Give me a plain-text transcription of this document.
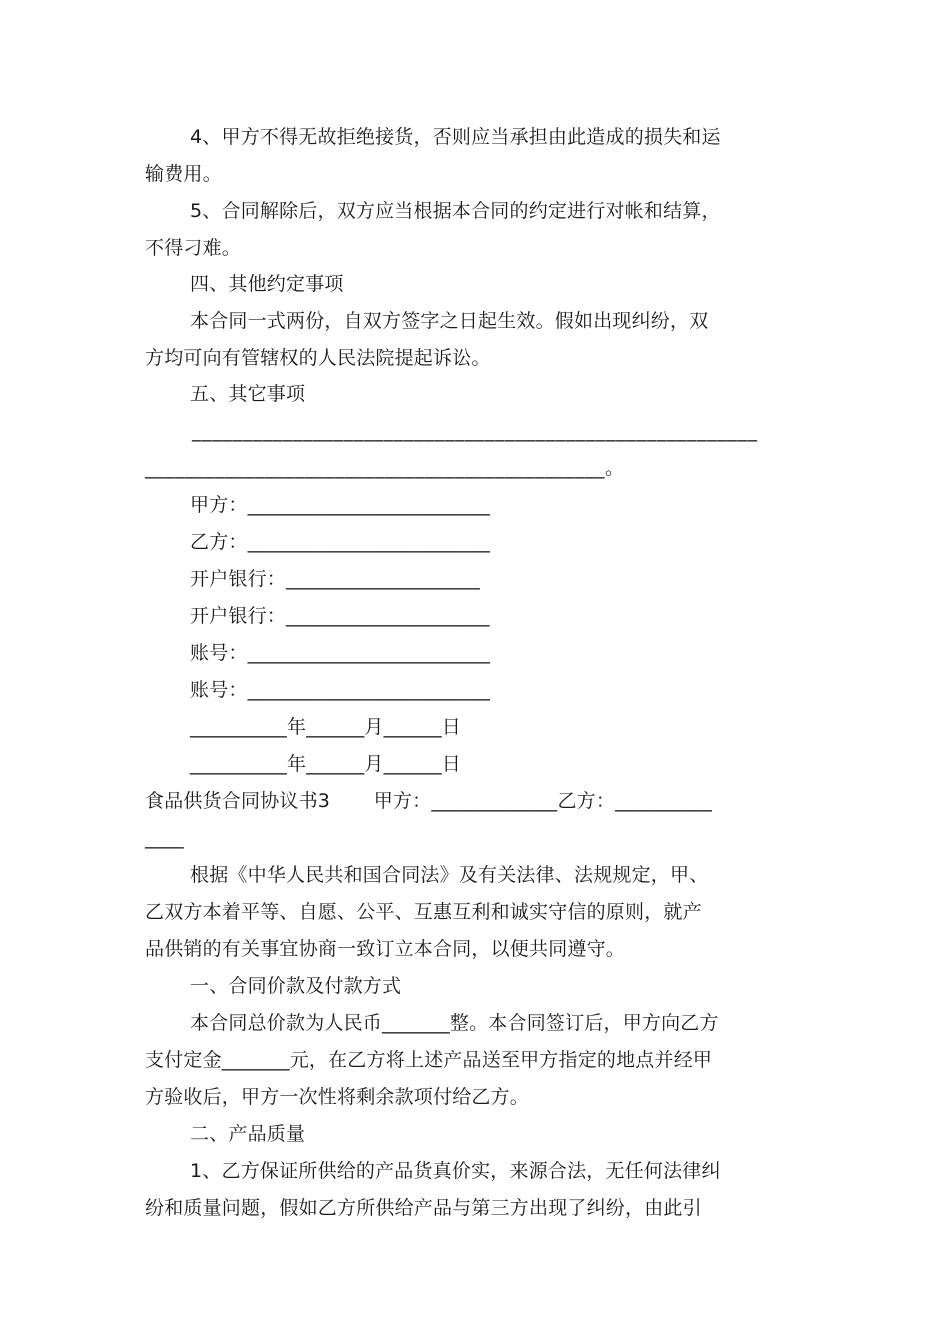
4、甲方不得无故拒绝接货，否则应当承担由此造成的损失和运
输费用。
5、合同解除后，双方应当根据本合同的约定进行对帐和结算，
不得刁难。
四、其他约定事项
本合同一式两份，自双方签字之日起生效。假如出现纠纷，双
方均可向有管辖权的人民法院提起诉讼。
五、其它事项
________________________________________________________
______________________________________________。
甲方：_________________________
乙方：_________________________
开户银行：____________________
开户银行：_____________________
账号：_________________________
账号：_________________________
__________年______月______日
__________年______月______日
食品供货合同协议书3       甲方：_____________乙方：__________
____
根据《中华人民共和国合同法》及有关法律、法规规定，甲、
乙双方本着平等、自愿、公平、互惠互利和诚实守信的原则，就产
品供销的有关事宜协商一致订立本合同，以便共同遵守。
一、合同价款及付款方式
本合同总价款为人民币_______整。本合同签订后，甲方向乙方
支付定金_______元，在乙方将上述产品送至甲方指定的地点并经甲
方验收后，甲方一次性将剩余款项付给乙方。
二、产品质量
1、乙方保证所供给的产品货真价实，来源合法，无任何法律纠
纷和质量问题，假如乙方所供给产品与第三方出现了纠纷，由此引
